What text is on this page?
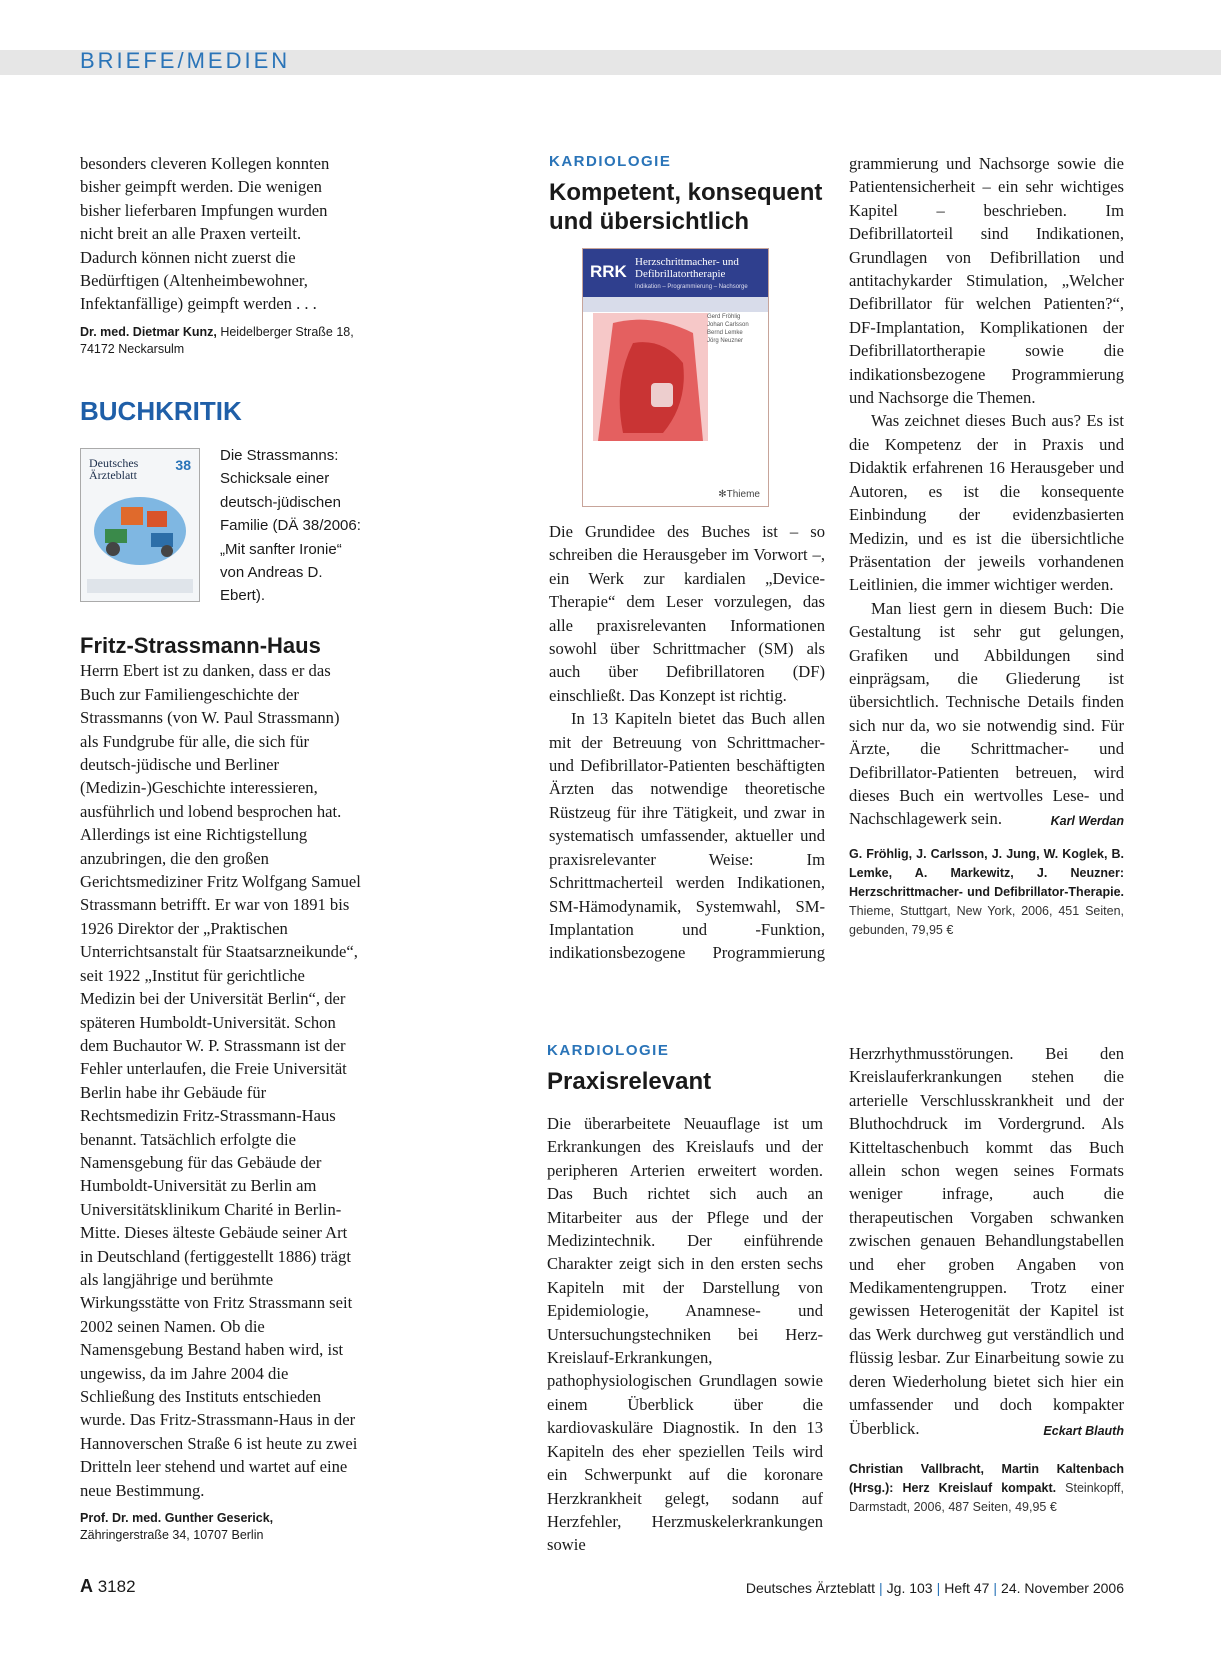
BRIEFE/MEDIEN

besonders cleveren Kollegen konnten bisher geimpft werden. Die wenigen bisher lieferbaren Impfungen wurden nicht breit an alle Praxen verteilt. Dadurch können nicht zuerst die Bedürftigen (Altenheimbewohner, Infektanfällige) geimpft werden . . .

Dr. med. Dietmar Kunz, Heidelberger Straße 18, 74172 Neckarsulm
BUCHKRITIK
Deutsches
Ärzteblatt
38
Die Strassmanns: Schicksale einer deutsch-jüdischen Familie (DÄ 38/2006: „Mit sanfter Ironie“ von Andreas D. Ebert).
Fritz-Strassmann-Haus

Herrn Ebert ist zu danken, dass er das Buch zur Familiengeschichte der Strassmanns (von W. Paul Strassmann) als Fundgrube für alle, die sich für deutsch-jüdische und Berliner (Medizin-)Geschichte interessieren, ausführlich und lobend besprochen hat. Allerdings ist eine Richtigstellung anzubringen, die den großen Gerichtsmediziner Fritz Wolfgang Samuel Strassmann betrifft. Er war von 1891 bis 1926 Direktor der „Praktischen Unterrichtsanstalt für Staatsarzneikunde“, seit 1922 „Institut für gerichtliche Medizin bei der Universität Berlin“, der späteren Humboldt-Universität. Schon dem Buchautor W. P. Strassmann ist der Fehler unterlaufen, die Freie Universität Berlin habe ihr Gebäude für Rechtsmedizin Fritz-Strassmann-Haus benannt. Tatsächlich erfolgte die Namensgebung für das Gebäude der Humboldt-Universität zu Berlin am Universitätsklinikum Charité in Berlin-Mitte. Dieses älteste Gebäude seiner Art in Deutschland (fertiggestellt 1886) trägt als langjährige und berühmte Wirkungsstätte von Fritz Strassmann seit 2002 seinen Namen. Ob die Namensgebung Bestand haben wird, ist ungewiss, da im Jahre 2004 die Schließung des Instituts entschieden wurde. Das Fritz-Strassmann-Haus in der Hannoverschen Straße 6 ist heute zu zwei Dritteln leer stehend und wartet auf eine neue Bestimmung.

Prof. Dr. med. Gunther Geserick,
Zähringerstraße 34, 10707 Berlin
KARDIOLOGIE
Kompetent, konsequent und übersichtlich
RRK Herzschrittmacher- und Defibrillatortherapie
Indikation – Programmierung – Nachsorge
Gerd Fröhlig
Johan Carlsson
Bernd Lemke
Jörg Neuzner
✻Thieme

Die Grundidee des Buches ist – so schreiben die Herausgeber im Vorwort –, ein Werk zur kardialen „Device-Therapie“ dem Leser vorzulegen, das alle praxisrelevanten Informationen sowohl über Schrittmacher (SM) als auch über Defibrillatoren (DF) einschließt. Das Konzept ist richtig.

In 13 Kapiteln bietet das Buch allen mit der Betreuung von Schrittmacher- und Defibrillator-Patienten beschäftigten Ärzten das notwendige theoretische Rüstzeug für ihre Tätigkeit, und zwar in systematisch umfassender, aktueller und praxisrelevanter Weise: Im Schrittmacherteil werden Indikationen, SM-Hämodynamik, Systemwahl, SM-Implantation und -Funktion, indikationsbezogene Programmierung

grammierung und Nachsorge sowie die Patientensicherheit – ein sehr wichtiges Kapitel – beschrieben. Im Defibrillatorteil sind Indikationen, Grundlagen von Defibrillation und antitachykarder Stimulation, „Welcher Defibrillator für welchen Patienten?“, DF-Implantation, Komplikationen der Defibrillatortherapie sowie die indikationsbezogene Programmierung und Nachsorge die Themen.

Was zeichnet dieses Buch aus? Es ist die Kompetenz der in Praxis und Didaktik erfahrenen 16 Herausgeber und Autoren, es ist die konsequente Einbindung der evidenzbasierten Medizin, und es ist die übersichtliche Präsentation der jeweils vorhandenen Leitlinien, die immer wichtiger werden.

Man liest gern in diesem Buch: Die Gestaltung ist sehr gut gelungen, Grafiken und Abbildungen sind einprägsam, die Gliederung ist übersichtlich. Technische Details finden sich nur da, wo sie notwendig sind. Für Ärzte, die Schrittmacher- und Defibrillator-Patienten betreuen, wird dieses Buch ein wertvolles Lese- und Nachschlagewerk sein.	Karl Werdan

G. Fröhlig, J. Carlsson, J. Jung, W. Koglek, B. Lemke, A. Markewitz, J. Neuzner: Herzschrittmacher- und Defibrillator-Therapie. Thieme, Stuttgart, New York, 2006, 451 Seiten, gebunden, 79,95 €
KARDIOLOGIE
Praxisrelevant

Die überarbeitete Neuauflage ist um Erkrankungen des Kreislaufs und der peripheren Arterien erweitert worden. Das Buch richtet sich auch an Mitarbeiter aus der Pflege und der Medizintechnik. Der einführende Charakter zeigt sich in den ersten sechs Kapiteln mit der Darstellung von Epidemiologie, Anamnese- und Untersuchungstechniken bei Herz-Kreislauf-Erkrankungen, pathophysiologischen Grundlagen sowie einem Überblick über die kardiovaskuläre Diagnostik. In den 13 Kapiteln des eher speziellen Teils wird ein Schwerpunkt auf die koronare Herzkrankheit gelegt, sodann auf Herzfehler, Herzmuskelerkrankungen sowie

Herzrhythmusstörungen. Bei den Kreislauferkrankungen stehen die arterielle Verschlusskrankheit und der Bluthochdruck im Vordergrund. Als Kitteltaschenbuch kommt das Buch allein schon wegen seines Formats weniger infrage, auch die therapeutischen Vorgaben schwanken zwischen genauen Behandlungstabellen und eher groben Angaben von Medikamentengruppen. Trotz einer gewissen Heterogenität der Kapitel ist das Werk durchweg gut verständlich und flüssig lesbar. Zur Einarbeitung sowie zu deren Wiederholung bietet sich hier ein umfassender und doch kompakter Überblick.	Eckart Blauth

Christian Vallbracht, Martin Kaltenbach (Hrsg.): Herz Kreislauf kompakt. Steinkopff, Darmstadt, 2006, 487 Seiten, 49,95 €
A 3182	Deutsches Ärzteblatt | Jg. 103 | Heft 47 | 24. November 2006
